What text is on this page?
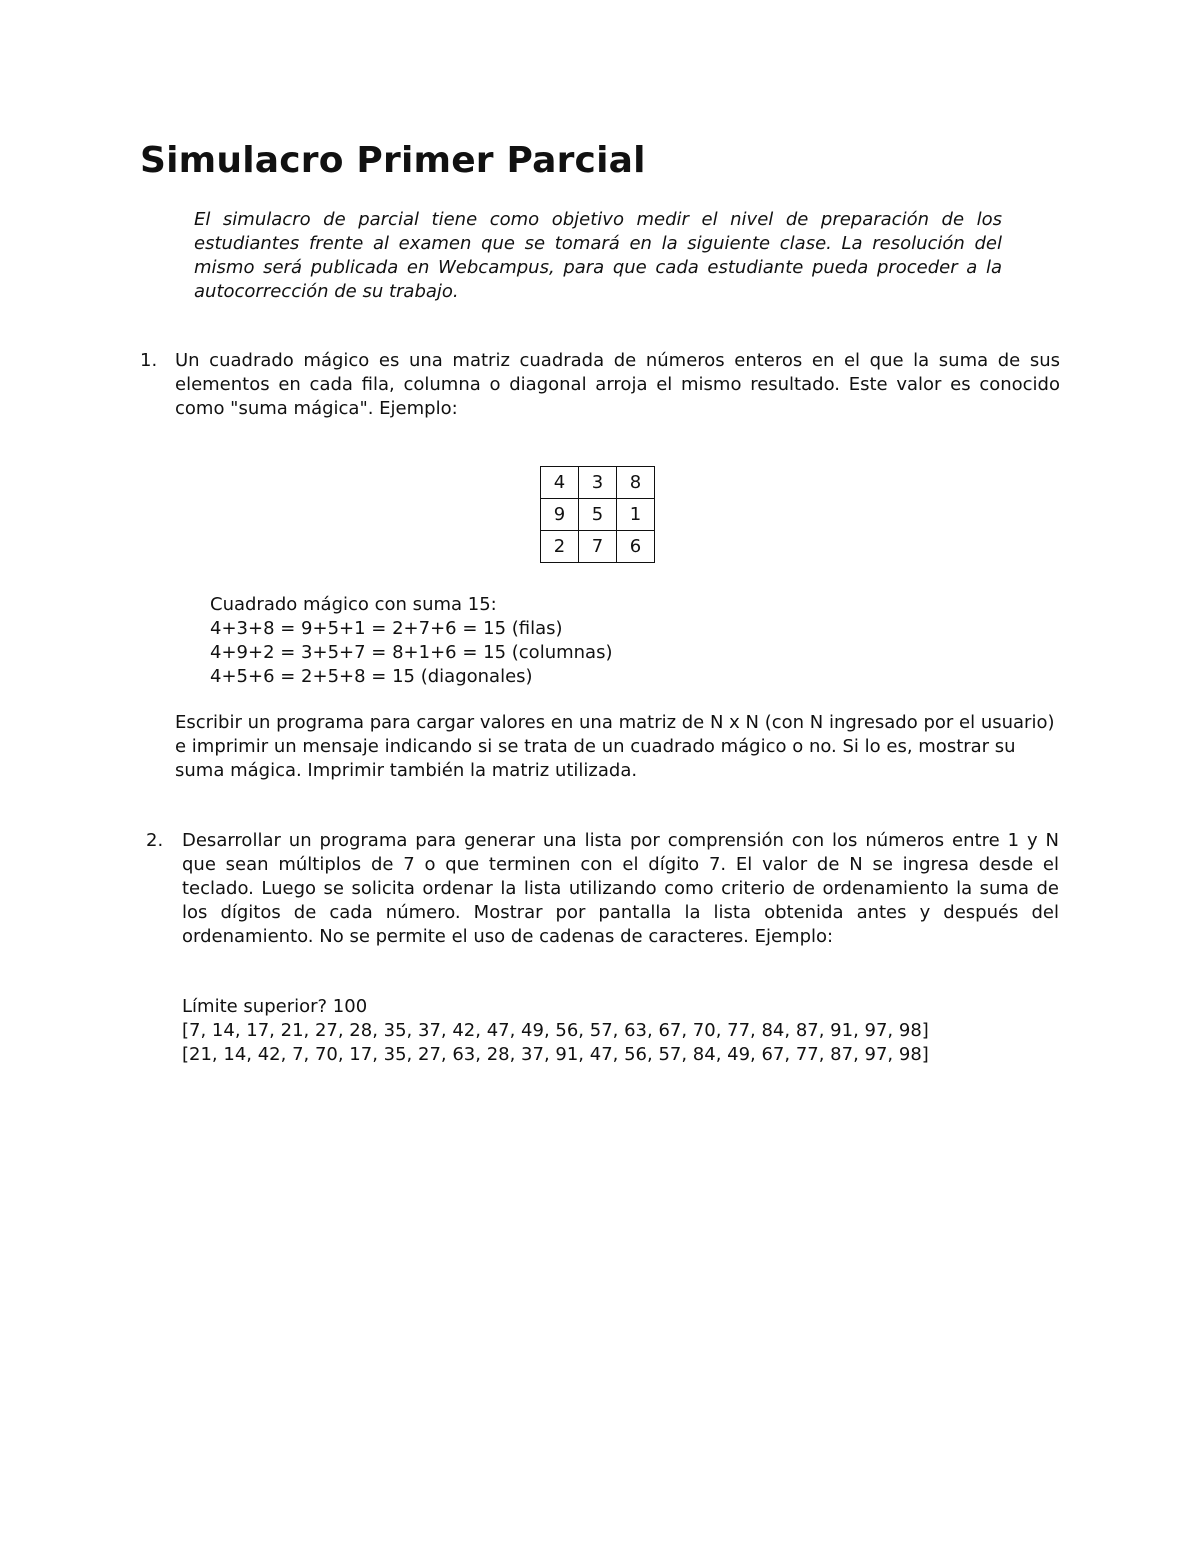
Simulacro Primer Parcial

El simulacro de parcial tiene como objetivo medir el nivel de preparación de los estudiantes frente al examen que se tomará en la siguiente clase. La resolución del mismo será publicada en Webcampus, para que cada estudiante pueda proceder a la autocorrección de su trabajo.

1. Un cuadrado mágico es una matriz cuadrada de números enteros en el que la suma de sus elementos en cada fila, columna o diagonal arroja el mismo resultado. Este valor es conocido como "suma mágica". Ejemplo:

4	3	8
9	5	1
2	7	6
Cuadrado mágico con suma 15:
4+3+8 = 9+5+1 = 2+7+6 = 15 (filas)
4+9+2 = 3+5+7 = 8+1+6 = 15 (columnas)
4+5+6 = 2+5+8 = 15 (diagonales)

Escribir un programa para cargar valores en una matriz de N x N (con N ingresado por el usuario) e imprimir un mensaje indicando si se trata de un cuadrado mágico o no. Si lo es, mostrar su suma mágica. Imprimir también la matriz utilizada.

2. Desarrollar un programa para generar una lista por comprensión con los números entre 1 y N que sean múltiplos de 7 o que terminen con el dígito 7. El valor de N se ingresa desde el teclado. Luego se solicita ordenar la lista utilizando como criterio de ordenamiento la suma de los dígitos de cada número. Mostrar por pantalla la lista obtenida antes y después del ordenamiento. No se permite el uso de cadenas de caracteres. Ejemplo:

Límite superior? 100
[7, 14, 17, 21, 27, 28, 35, 37, 42, 47, 49, 56, 57, 63, 67, 70, 77, 84, 87, 91, 97, 98]
[21, 14, 42, 7, 70, 17, 35, 27, 63, 28, 37, 91, 47, 56, 57, 84, 49, 67, 77, 87, 97, 98]
